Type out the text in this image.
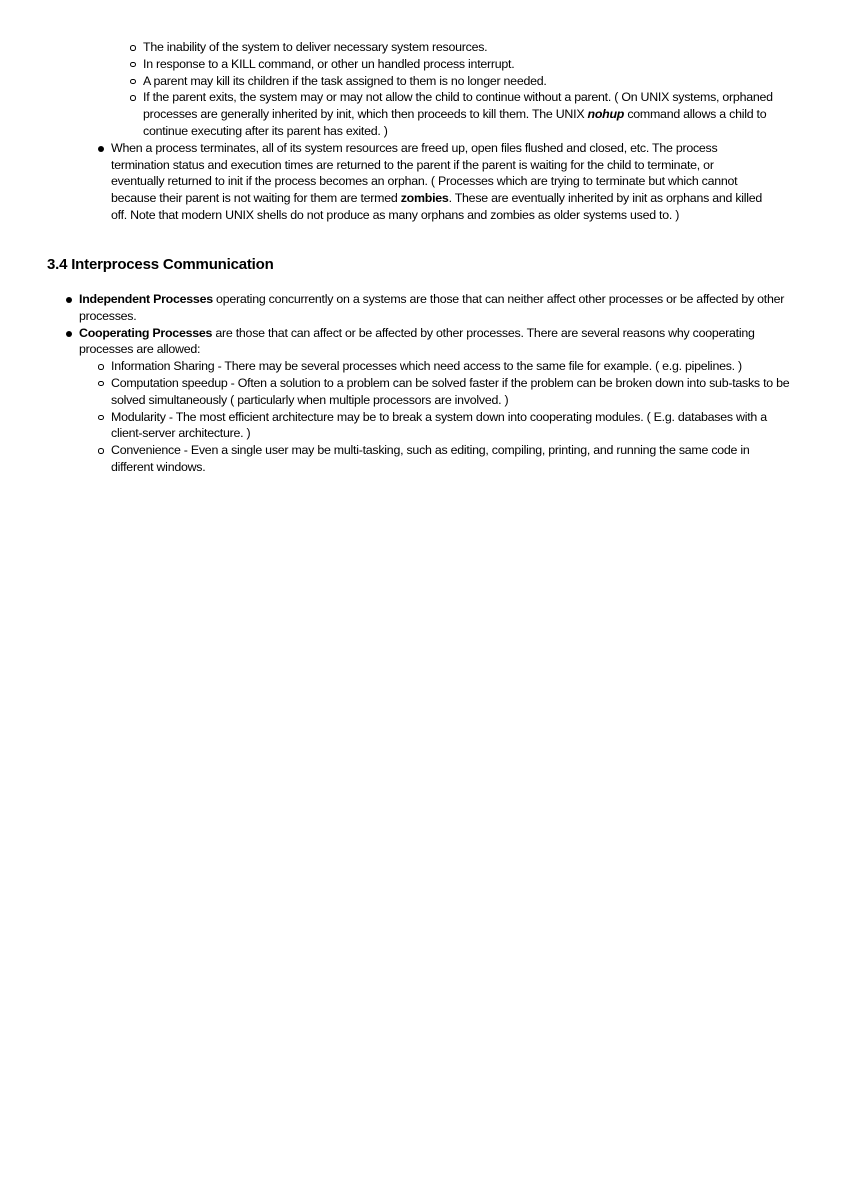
The inability of the system to deliver necessary system resources.
In response to a KILL command, or other un handled process interrupt.
A parent may kill its children if the task assigned to them is no longer needed.
If the parent exits, the system may or may not allow the child to continue without a parent. ( On UNIX systems, orphaned processes are generally inherited by init, which then proceeds to kill them. The UNIX nohup command allows a child to continue executing after its parent has exited. )
When a process terminates, all of its system resources are freed up, open files flushed and closed, etc. The process termination status and execution times are returned to the parent if the parent is waiting for the child to terminate, or eventually returned to init if the process becomes an orphan. ( Processes which are trying to terminate but which cannot because their parent is not waiting for them are termed zombies. These are eventually inherited by init as orphans and killed off. Note that modern UNIX shells do not produce as many orphans and zombies as older systems used to. )
3.4 Interprocess Communication
Independent Processes operating concurrently on a systems are those that can neither affect other processes or be affected by other processes.
Cooperating Processes are those that can affect or be affected by other processes. There are several reasons why cooperating processes are allowed:
Information Sharing - There may be several processes which need access to the same file for example. ( e.g. pipelines. )
Computation speedup - Often a solution to a problem can be solved faster if the problem can be broken down into sub-tasks to be solved simultaneously ( particularly when multiple processors are involved. )
Modularity - The most efficient architecture may be to break a system down into cooperating modules. ( E.g. databases with a client-server architecture. )
Convenience - Even a single user may be multi-tasking, such as editing, compiling, printing, and running the same code in different windows.
